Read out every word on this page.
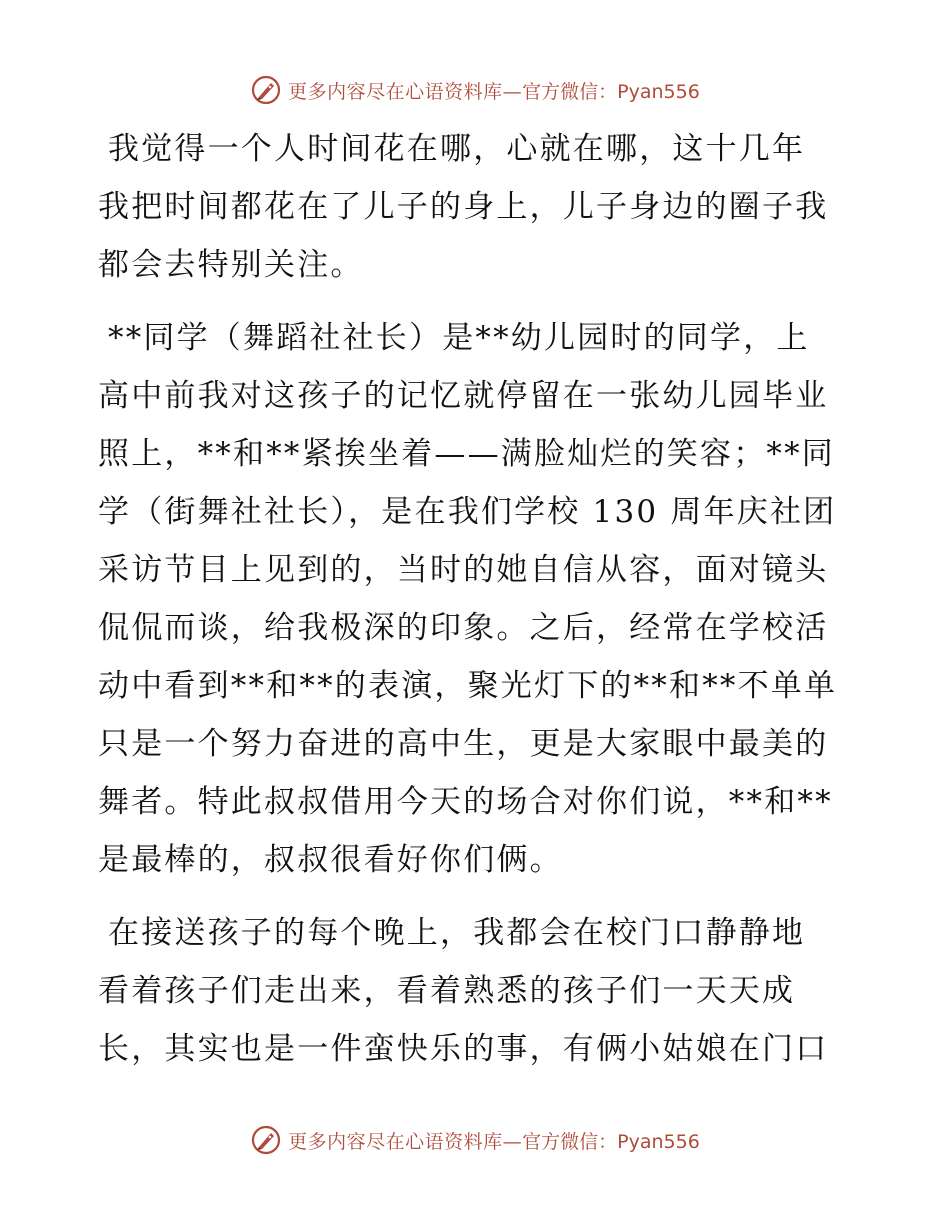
更多内容尽在心语资料库— 官方微信：Pyan556
我觉得一个人时间花在哪，心就在哪，这十几年
我把时间都花在了儿子的身上，儿子身边的圈子我
都会去特别关注。
**同学（舞蹈社社长）是**幼儿园时的同学，上
高中前我对这孩子的记忆就停留在一张幼儿园毕业
照上，**和**紧挨坐着——满脸灿烂的笑容；**同
学（街舞社社长），是在我们学校 130 周年庆社团
采访节目上见到的，当时的她自信从容，面对镜头
侃侃而谈，给我极深的印象。之后，经常在学校活
动中看到**和**的表演，聚光灯下的**和**不单单
只是一个努力奋进的高中生，更是大家眼中最美的
舞者。特此叔叔借用今天的场合对你们说，**和**
是最棒的，叔叔很看好你们俩。
在接送孩子的每个晚上，我都会在校门口静静地
看着孩子们走出来，看着熟悉的孩子们一天天成
长，其实也是一件蛮快乐的事，有俩小姑娘在门口
更多内容尽在心语资料库— 官方微信：Pyan556
